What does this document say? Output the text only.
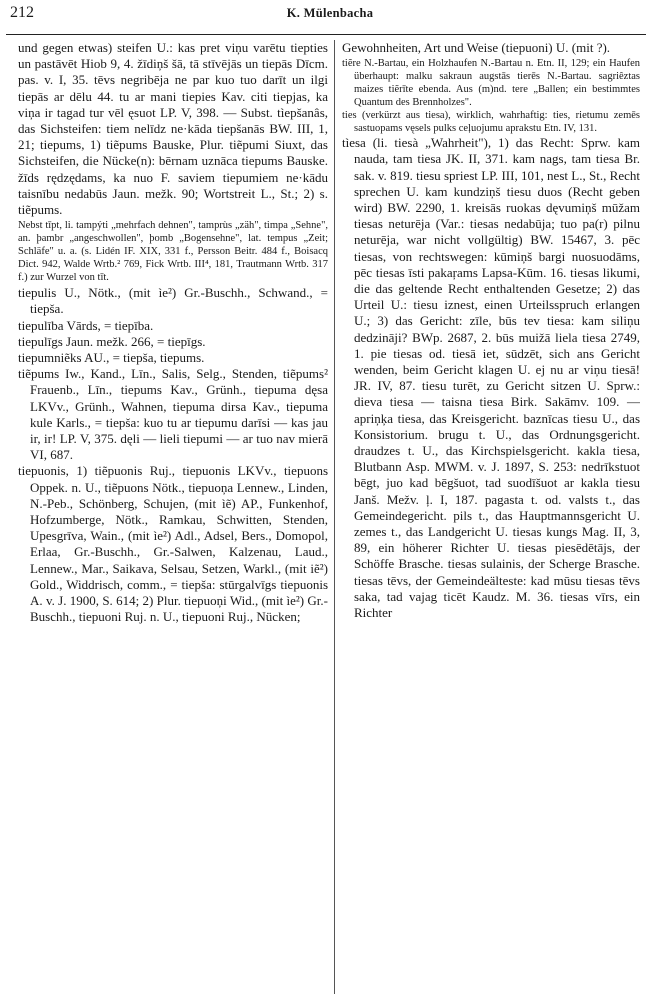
212	K. Mülenbacha

und gegen etwas) steifen U.: kas pret viņu varētu tiepties un pastāvēt Hiob 9, 4. žīdiņš šā, tā stīvējās un tiepās Dīcm. pas. v. I, 35. tēvs negribēja ne par kuo tuo darīt un ilgi tiepās ar dēlu 44. tu ar mani tiepies Kav. citi tiepjas, ka viņa ir tagad tur vēl ęsuot LP. V, 398. — Subst. tìepšanâs, das Sichsteifen: tiem nelīdz ne·kāda tiepšanās BW. III, 1, 21; tiepums, 1) tiẽpums Bauske, Plur. tiẽpumi Siuxt, das Sichsteifen, die Nücke(n): bērnam uznāca tiepums Bauske. žīds rędzędams, ka nuo F. saviem tiepumiem ne·kādu taisnību nedabūs Jaun. mežk. 90; Wortstreit L., St.; 2) s. tiẽpums.

Nebst tīpt, li. tampýti „mehrfach dehnen", tamprùs „zäh", timpa „Sehne", an. þambr „angeschwollen", þomb „Bogensehne", lat. tempus „Zeit; Schläfe" u. a. (s. Lidén IF. XIX, 331 f., Persson Beitr. 484 f., Boisacq Dict. 942, Walde Wrtb.² 769, Fick Wrtb. III⁴, 181, Trautmann Wrtb. 317 f.) zur Wurzel von tīt.

tiepulis U., Nötk., (mit ìe²) Gr.-Buschh., Schwand., = tiepša.

tiepulība Vārds, = tiepība.

tiepulīgs Jaun. mežk. 266, = tiepīgs.

tiepumniẽks AU., = tiepša, tiepums.

tiẽpums Iw., Kand., Līn., Salis, Selg., Stenden, tiẽpums² Frauenb., Līn., tiepums Kav., Grünh., tiepuma dęsa LKVv., Grünh., Wahnen, tiepuma dirsa Kav., tiepuma kule Karls., = tiepša: kuo tu ar tiepumu darīsi — kas jau ir, ir! LP. V, 375. dęli — lieli tiepumi — ar tuo nav mierā VI, 687.

tiepuonis, 1) tiẽpuonis Ruj., tiepuonis LKVv., tiepuons Oppek. n. U., tiẽpuons Nötk., tiepuoņa Lennew., Linden, N.-Peb., Schönberg, Schujen, (mit ìẽ) AP., Funkenhof, Hofzumberge, Nötk., Ramkau, Schwitten, Stenden, Upesgrīva, Wain., (mit ìe²) Adl., Adsel, Bers., Domopol, Erlaa, Gr.-Buschh., Gr.-Salwen, Kalzenau, Laud., Lennew., Mar., Saikava, Selsau, Setzen, Warkl., (mit iẽ²) Gold., Widdrisch, comm., = tiepša: stūrgalvīgs tiepuonis A. v. J. 1900, S. 614; 2) Plur. tiepuoņi Wid., (mit ìe²) Gr.-Buschh., tiepuoni Ruj. n. U., tiepuoni Ruj., Nücken;

Gewohnheiten, Art und Weise (tiepuoni) U. (mit ?).

tiẽre N.-Bartau, ein Holzhaufen N.-Bartau n. Etn. II, 129; ein Haufen überhaupt: malku sakraun augstās tierēs N.-Bartau. sagriêztas maizes tiẽrīte ebenda. Aus (m)nd. tere „Ballen; ein bestimmtes Quantum des Brennholzes".

ties (verkürzt aus tiesa), wirklich, wahrhaftig: ties, rietumu zemēs sastuopams vęsels pulks ceļuojumu aprakstu Etn. IV, 131.

tìesa (li. tiesà „Wahrheit"), 1) das Recht: Sprw. kam nauda, tam tiesa JK. II, 371. kam nags, tam tiesa Br. sak. v. 819. tiesu spriest LP. III, 101, nest L., St., Recht sprechen U. kam kundziņš tiesu duos (Recht geben wird) BW. 2290, 1. kreisās ruokas dęvumiņš mūžam tiesas neturēja (Var.: tiesas nedabūja; tuo pa(r) pilnu neturēja, war nicht vollgültig) BW. 15467, 3. pēc tiesas, von rechtswegen: kūmiņš bargi nuosuodāms, pēc tiesas īsti pakaŗams Lapsa-Kūm. 16. tiesas likumi, die das geltende Recht enthaltenden Gesetze; 2) das Urteil U.: tiesu iznest, einen Urteilsspruch erlangen U.; 3) das Gericht: zīle, būs tev tiesa: kam siliņu dedzināji? BWp. 2687, 2. būs muižā liela tiesa 2749, 1. pie tiesas od. tiesā iet, sūdzēt, sich ans Gericht wenden, beim Gericht klagen U. ej nu ar viņu tiesā! JR. IV, 87. tiesu turēt, zu Gericht sitzen U. Sprw.: dieva tiesa — taisna tiesa Birk. Sakāmv. 109. — apriņķa tiesa, das Kreisgericht. baznīcas tiesu U., das Konsistorium. brugu t. U., das Ordnungsgericht. draudzes t. U., das Kirchspielsgericht. kakla tiesa, Blutbann Asp. MWM. v. J. 1897, S. 253: nedrīkstuot bēgt, juo kad bēgšuot, tad suodīšuot ar kakla tiesu Janš. Mežv. ļ. I, 187. pagasta t. od. valsts t., das Gemeindegericht. pils t., das Hauptmannsgericht U. zemes t., das Landgericht U. tiesas kungs Mag. II, 3, 89, ein höherer Richter U. tiesas piesēdētājs, der Schöffe Brasche. tiesas sulainis, der Scherge Brasche. tiesas tēvs, der Gemeindeälteste: kad mūsu tiesas tēvs saka, tad vajag ticēt Kaudz. M. 36. tiesas vīrs, ein Richter
